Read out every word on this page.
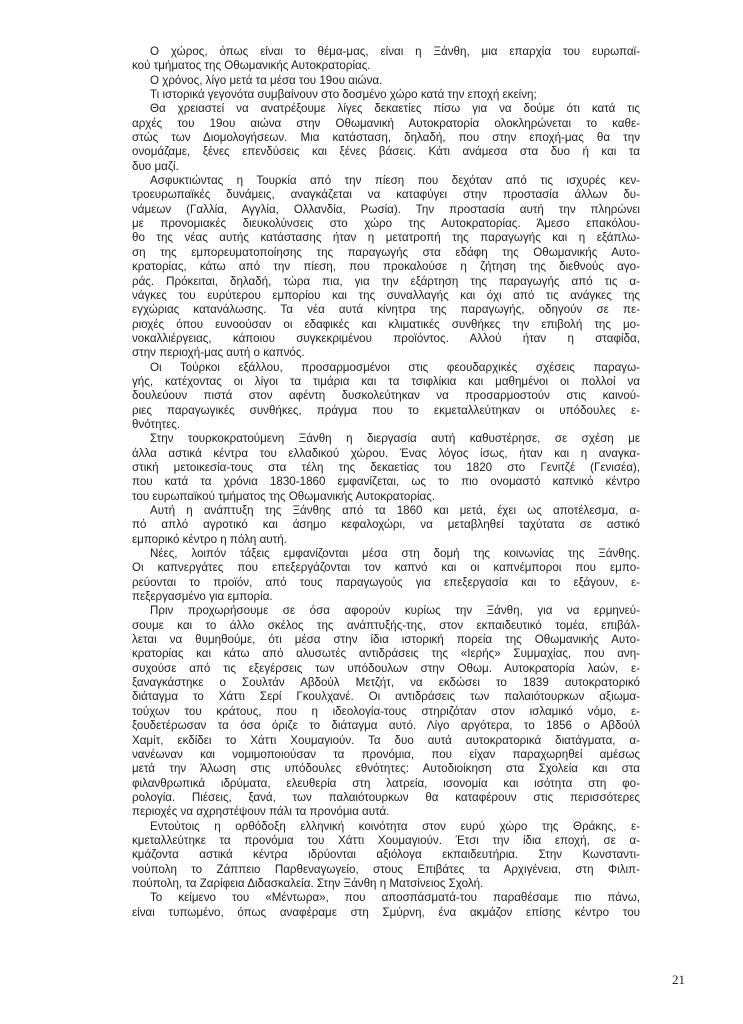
Ο χώρος, όπως είναι το θέμα-μας, είναι η Ξάνθη, μια επαρχία του ευρωπαϊ-
κού τμήματος της Οθωμανικής Αυτοκρατορίας.
Ο χρόνος, λίγο μετά τα μέσα του 19ου αιώνα.
Τι ιστορικά γεγονότα συμβαίνουν στο δοσμένο χώρο κατά την εποχή εκείνη;
Θα χρειαστεί να ανατρέξουμε λίγες δεκαετίες πίσω για να δούμε ότι κατά τις
αρχές του 19ου αιώνα στην Οθωμανική Αυτοκρατορία ολοκληρώνεται το καθε-
στώς των Διομολογήσεων. Μια κατάσταση, δηλαδή, που στην εποχή-μας θα την
ονομάζαμε, ξένες επενδύσεις και ξένες βάσεις. Κάτι ανάμεσα στα δυο ή και τα
δυο μαζί.
Ασφυκτιώντας η Τουρκία από την πίεση που δεχόταν από τις ισχυρές κεν-
τροευρωπαϊκές δυνάμεις, αναγκάζεται να καταφύγει στην προστασία άλλων δυ-
νάμεων (Γαλλία, Αγγλία, Ολλανδία, Ρωσία). Την προστασία αυτή την πληρώνει
με προνομιακές διευκολύνσεις στο χώρο της Αυτοκρατορίας. Άμεσο επακόλου-
θο της νέας αυτής κατάστασης ήταν η μετατροπή της παραγωγής και η εξάπλω-
ση της εμπορευματοποίησης της παραγωγής στα εδάφη της Οθωμανικής Αυτο-
κρατορίας, κάτω από την πίεση, που προκαλούσε η ζήτηση της διεθνούς αγο-
ράς. Πρόκειται, δηλαδή, τώρα πια, για την εξάρτηση της παραγωγής από τις α-
νάγκες του ευρύτερου εμπορίου και της συναλλαγής και όχι από τις ανάγκες της
εγχώριας κατανάλωσης. Τα νέα αυτά κίνητρα της παραγωγής, οδηγούν σε πε-
ριοχές όπου ευνοούσαν οι εδαφικές και κλιματικές συνθήκες την επιβολή της μο-
νοκαλλιέργειας, κάποιου συγκεκριμένου προϊόντος. Αλλού ήταν η σταφίδα,
στην περιοχή-μας αυτή ο καπνός.
Οι Τούρκοι εξάλλου, προσαρμοσμένοι στις φεουδαρχικές σχέσεις παραγω-
γής, κατέχοντας οι λίγοι τα τιμάρια και τα τσιφλίκια και μαθημένοι οι πολλοί να
δουλεύουν πιστά στον αφέντη δυσκολεύτηκαν να προσαρμοστούν στις καινού-
ριες παραγωγικές συνθήκες, πράγμα που το εκμεταλλεύτηκαν οι υπόδουλες ε-
θνότητες.
Στην τουρκοκρατούμενη Ξάνθη η διεργασία αυτή καθυστέρησε, σε σχέση με
άλλα αστικά κέντρα του ελλαδικού χώρου. Ένας λόγος ίσως, ήταν και η αναγκα-
στική μετοικεσία-τους στα τέλη της δεκαετίας του 1820 στο Γενιτζέ (Γενισέα),
που κατά τα χρόνια 1830-1860 εμφανίζεται, ως το πιο ονομαστό καπνικό κέντρο
του ευρωπαϊκού τμήματος της Οθωμανικής Αυτοκρατορίας.
Αυτή η ανάπτυξη της Ξάνθης από τα 1860 και μετά, έχει ως αποτέλεσμα, α-
πό απλό αγροτικό και άσημο κεφαλοχώρι, να μεταβληθεί ταχύτατα σε αστικό
εμπορικό κέντρο η πόλη αυτή.
Νέες, λοιπόν τάξεις εμφανίζονται μέσα στη δομή της κοινωνίας της Ξάνθης.
Οι καπνεργάτες που επεξεργάζονται τον καπνό και οι καπνέμποροι που εμπο-
ρεύονται το προϊόν, από τους παραγωγούς για επεξεργασία και το εξάγουν, ε-
πεξεργασμένο για εμπορία.
Πριν προχωρήσουμε σε όσα αφορούν κυρίως την Ξάνθη, για να ερμηνεύ-
σουμε και το άλλο σκέλος της ανάπτυξής-της, στον εκπαιδευτικό τομέα, επιβάλ-
λεται να θυμηθούμε, ότι μέσα στην ίδια ιστορική πορεία της Οθωμανικής Αυτο-
κρατορίας και κάτω από αλυσωτές αντιδράσεις της «Ιερής» Συμμαχίας, που ανη-
συχούσε από τις εξεγέρσεις των υπόδουλων στην Οθωμ. Αυτοκρατορία λαών, ε-
ξαναγκάστηκε ο Σουλτάν Αβδούλ Μετζήτ, να εκδώσει το 1839 αυτοκρατορικό
διάταγμα το Χάττι Σερί Γκουλχανέ. Οι αντιδράσεις των παλαιότουρκων αξιωμα-
τούχων του κράτους, που η ιδεολογία-τους στηριζόταν στον ισλαμικό νόμο, ε-
ξουδετέρωσαν τα όσα όριζε το διάταγμα αυτό. Λίγο αργότερα, το 1856 ο Αβδούλ
Χαμίτ, εκδίδει το Χάττι Χουμαγιούν. Τα δυο αυτά αυτοκρατορικά διατάγματα, α-
νανέωναν και νομιμοποιούσαν τα προνόμια, που είχαν παραχωρηθεί αμέσως
μετά την Άλωση στις υπόδουλες εθνότητες: Αυτοδιοίκηση στα Σχολεία και στα
φιλανθρωπικά ιδρύματα, ελευθερία στη λατρεία, ισονομία και ισότητα στη φο-
ρολογία. Πιέσεις, ξανά, των παλαιότουρκων θα καταφέρουν στις περισσότερες
περιοχές να αχρηστέψουν πάλι τα προνόμια αυτά.
Εντούτοις η ορθόδοξη ελληνική κοινότητα στον ευρύ χώρο της Θράκης, ε-
κμεταλλεύτηκε τα προνόμια του Χάττι Χουμαγιούν. Έτσι την ίδια εποχή, σε α-
κμάζοντα αστικά κέντρα ιδρύονται αξιόλογα εκπαιδευτήρια. Στην Κωνσταντι-
νούπολη το Ζάππειο Παρθεναγωγείο, στους Επιβάτες τα Αρχιγένεια, στη Φιλιπ-
πούπολη, τα Ζαρίφεια Διδασκαλεία. Στην Ξάνθη η Ματσίνειος Σχολή.
Το κείμενο του «Μέντωρα», που αποσπάσματά-του παραθέσαμε πιο πάνω,
είναι τυπωμένο, όπως αναφέραμε στη Σμύρνη, ένα ακμάζον επίσης κέντρο του
21
